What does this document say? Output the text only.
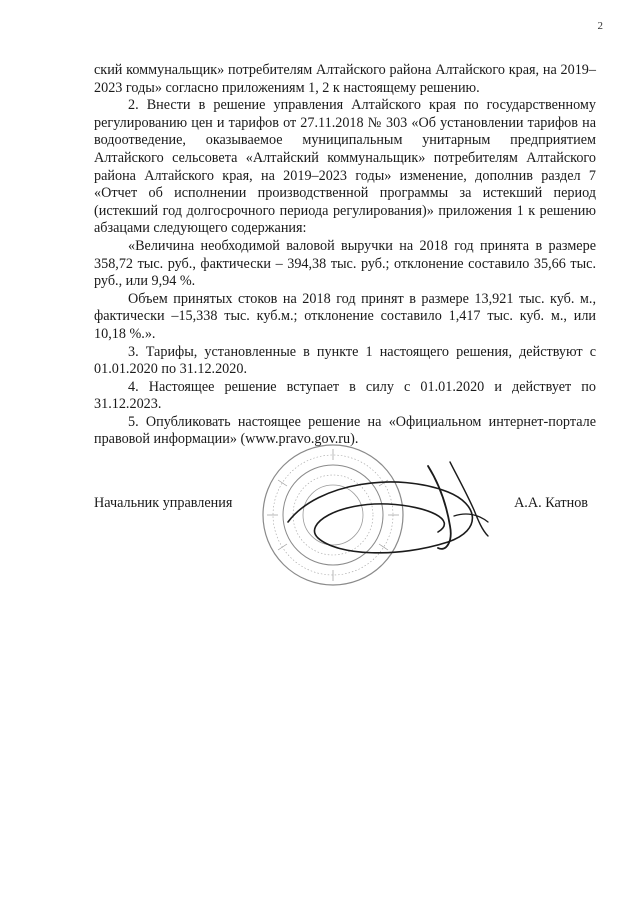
2

ский коммунальщик» потребителям Алтайского района Алтайского края, на 2019–2023 годы» согласно приложениям 1, 2 к настоящему решению.

2. Внести в решение управления Алтайского края по государственному регулированию цен и тарифов от 27.11.2018 № 303 «Об установлении тарифов на водоотведение, оказываемое муниципальным унитарным предприятием Алтайского сельсовета «Алтайский коммунальщик» потребителям Алтайского района Алтайского края, на 2019–2023 годы» изменение, дополнив раздел 7 «Отчет об исполнении производственной программы за истекший период (истекший год долгосрочного периода регулирования)» приложения 1 к решению абзацами следующего содержания:

«Величина необходимой валовой выручки на 2018 год принята в размере 358,72 тыс. руб., фактически – 394,38 тыс. руб.; отклонение составило 35,66 тыс. руб., или 9,94 %.

Объем принятых стоков на 2018 год принят в размере 13,921 тыс. куб. м., фактически –15,338 тыс. куб.м.; отклонение составило 1,417 тыс. куб. м., или 10,18 %.».

3. Тарифы, установленные в пункте 1 настоящего решения, действуют с 01.01.2020 по 31.12.2020.

4. Настоящее решение вступает в силу с 01.01.2020 и действует по 31.12.2023.

5. Опубликовать настоящее решение на «Официальном интернет-портале правовой информации» (www.pravo.gov.ru).

Начальник управления	А.А. Катнов
